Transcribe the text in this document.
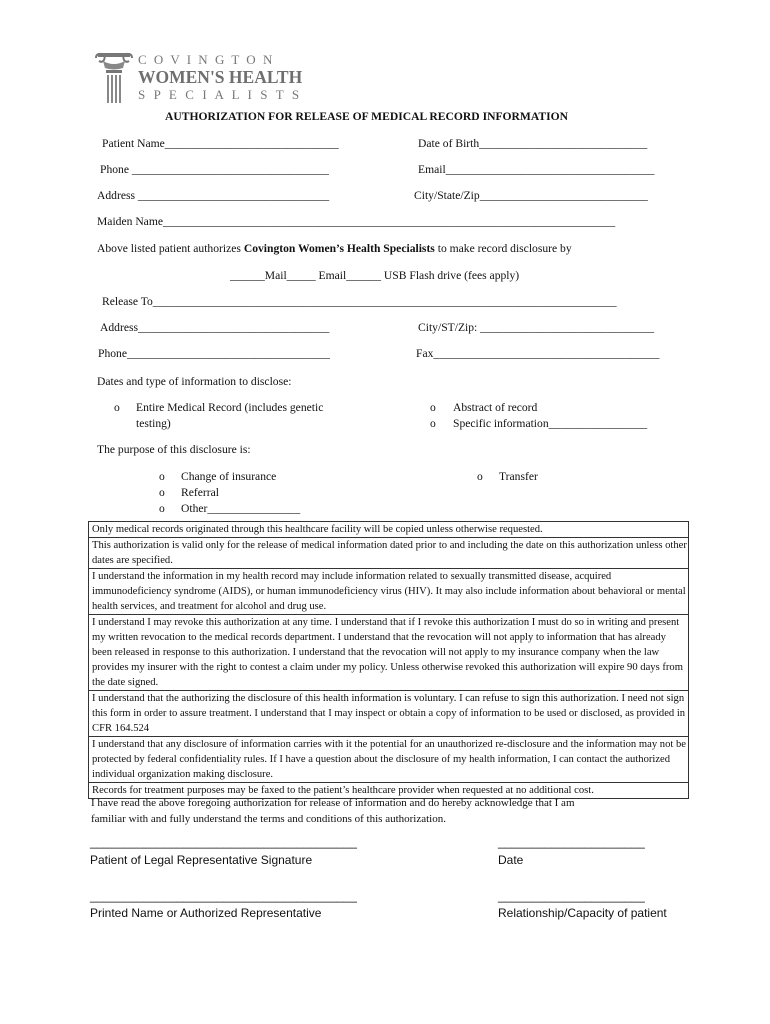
C O V I N G T O N
WOMEN'S HEALTH
S P E C I A L I S T S
AUTHORIZATION FOR RELEASE OF MEDICAL RECORD INFORMATION
Patient Name______________________________	Date of Birth_____________________________
Phone __________________________________	Email____________________________________
Address _________________________________	City/State/Zip_____________________________
Maiden Name______________________________________________________________________________
Above listed patient authorizes Covington Women’s Health Specialists to make record disclosure by
______Mail_____ Email______ USB Flash drive (fees apply)
Release To________________________________________________________________________________
Address_________________________________	City/ST/Zip: ______________________________
Phone___________________________________	Fax_______________________________________
Dates and type of information to disclose:
o Entire Medical Record (includes genetic
testing)
o Abstract of record
o Specific information_________________
The purpose of this disclosure is:
o Change of insurance
o Referral
o Other________________
o Transfer
Only medical records originated through this healthcare facility will be copied unless otherwise requested.
This authorization is valid only for the release of medical information dated prior to and including the date on this authorization unless other dates are specified.
I understand the information in my health record may include information related to sexually transmitted disease, acquired immunodeficiency syndrome (AIDS), or human immunodeficiency virus (HIV). It may also include information about behavioral or mental health services, and treatment for alcohol and drug use.
I understand I may revoke this authorization at any time. I understand that if I revoke this authorization I must do so in writing and present my written revocation to the medical records department. I understand that the revocation will not apply to information that has already been released in response to this authorization. I understand that the revocation will not apply to my insurance company when the law provides my insurer with the right to contest a claim under my policy. Unless otherwise revoked this authorization will expire 90 days from the date signed.
I understand that the authorizing the disclosure of this health information is voluntary. I can refuse to sign this authorization. I need not sign this form in order to assure treatment. I understand that I may inspect or obtain a copy of information to be used or disclosed, as provided in CFR 164.524
I understand that any disclosure of information carries with it the potential for an unauthorized re-disclosure and the information may not be protected by federal confidentiality rules. If I have a question about the disclosure of my health information, I can contact the authorized individual organization making disclosure.
Records for treatment purposes may be faxed to the patient’s healthcare provider when requested at no additional cost.
I have read the above foregoing authorization for release of information and do hereby acknowledge that I am
familiar with and fully understand the terms and conditions of this authorization.
________________________________________	______________________
Patient of Legal Representative Signature	Date
________________________________________	______________________
Printed Name or Authorized Representative	Relationship/Capacity of patient
